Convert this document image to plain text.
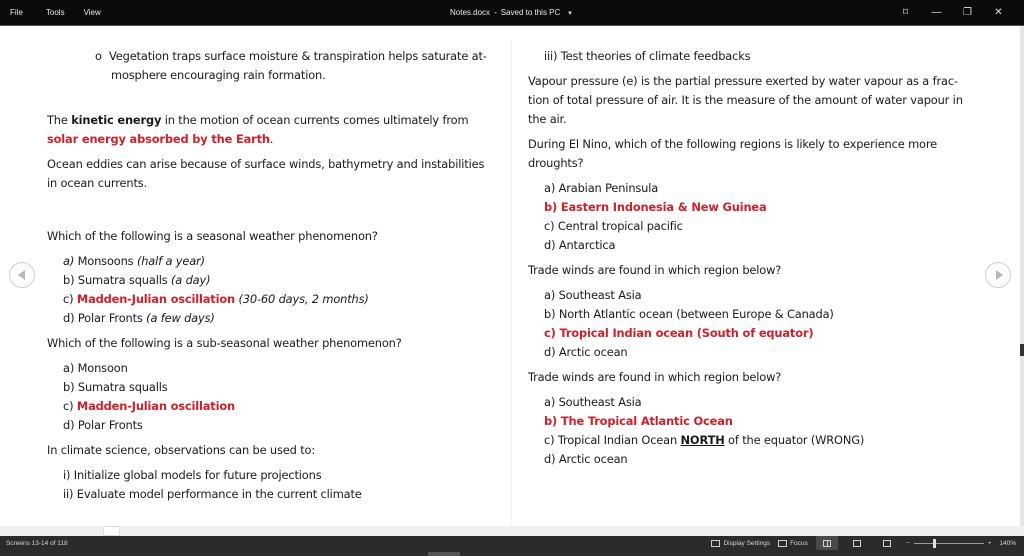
File	Tools	View	Notes.docx - Saved to this PC ▾	⌑ — ❐ ✕
o Vegetation traps surface moisture & transpiration helps saturate at-mosphere encouraging rain formation.
The kinetic energy in the motion of ocean currents comes ultimately from solar energy absorbed by the Earth.
Ocean eddies can arise because of surface winds, bathymetry and instabilities in ocean currents.
Which of the following is a seasonal weather phenomenon?
a) Monsoons (half a year)
b) Sumatra squalls (a day)
c) Madden-Julian oscillation (30-60 days, 2 months)
d) Polar Fronts (a few days)
Which of the following is a sub-seasonal weather phenomenon?
a) Monsoon
b) Sumatra squalls
c) Madden-Julian oscillation
d) Polar Fronts
In climate science, observations can be used to:
i) Initialize global models for future projections
ii) Evaluate model performance in the current climate
iii) Test theories of climate feedbacks
Vapour pressure (e) is the partial pressure exerted by water vapour as a frac-tion of total pressure of air. It is the measure of the amount of water vapour in the air.
During El Nino, which of the following regions is likely to experience more droughts?
a) Arabian Peninsula
b) Eastern Indonesia & New Guinea
c) Central tropical pacific
d) Antarctica
Trade winds are found in which region below?
a) Southeast Asia
b) North Atlantic ocean (between Europe & Canada)
c) Tropical Indian ocean (South of equator)
d) Arctic ocean
Trade winds are found in which region below?
a) Southeast Asia
b) The Tropical Atlantic Ocean
c) Tropical Indian Ocean NORTH of the equator (WRONG)
d) Arctic ocean
Screens 13-14 of 118	Display Settings	Focus	−	+ 140%
